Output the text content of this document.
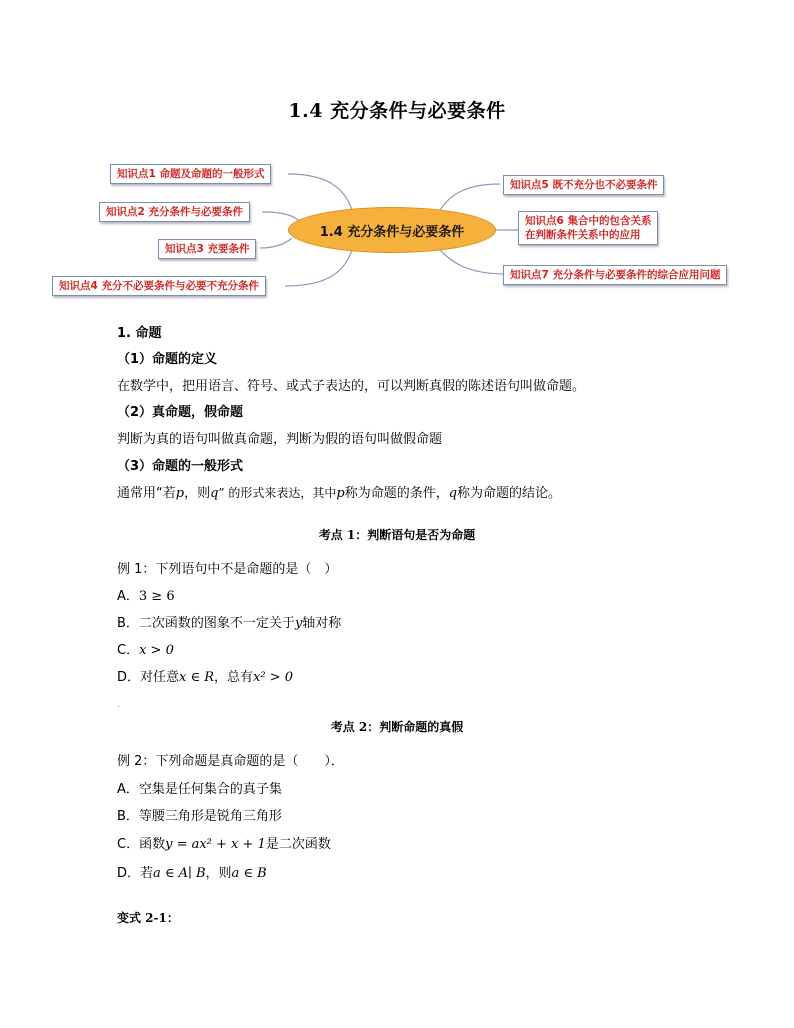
1.4 充分条件与必要条件
1.4 充分条件与必要条件
知识点1 命题及命题的一般形式
知识点2 充分条件与必要条件
知识点3 充要条件
知识点4 充分不必要条件与必要不充分条件
知识点5 既不充分也不必要条件
知识点6 集合中的包含关系
在判断条件关系中的应用
知识点7 充分条件与必要条件的综合应用问题
1. 命题
（1）命题的定义
在数学中，把用语言、符号、或式子表达的，可以判断真假的陈述语句叫做命题。
（2）真命题，假命题
判断为真的语句叫做真命题，判断为假的语句叫做假命题
（3）命题的一般形式
通常用“若p，则q” 的形式来表达，其中p称为命题的条件，q称为命题的结论。
考点 1：判断语句是否为命题
例 1：下列语句中不是命题的是（　）
A．3 ≥ 6
B．二次函数的图象不一定关于y轴对称
C．x > 0
D．对任意x ∈ R，总有x² > 0
.
考点 2：判断命题的真假
例 2：下列命题是真命题的是（　　）．
A．空集是任何集合的真子集
B．等腰三角形是锐角三角形
C．函数y = ax² + x + 1是二次函数
D．若a ∈ A∣ B，则a ∈ B
变式 2-1：
